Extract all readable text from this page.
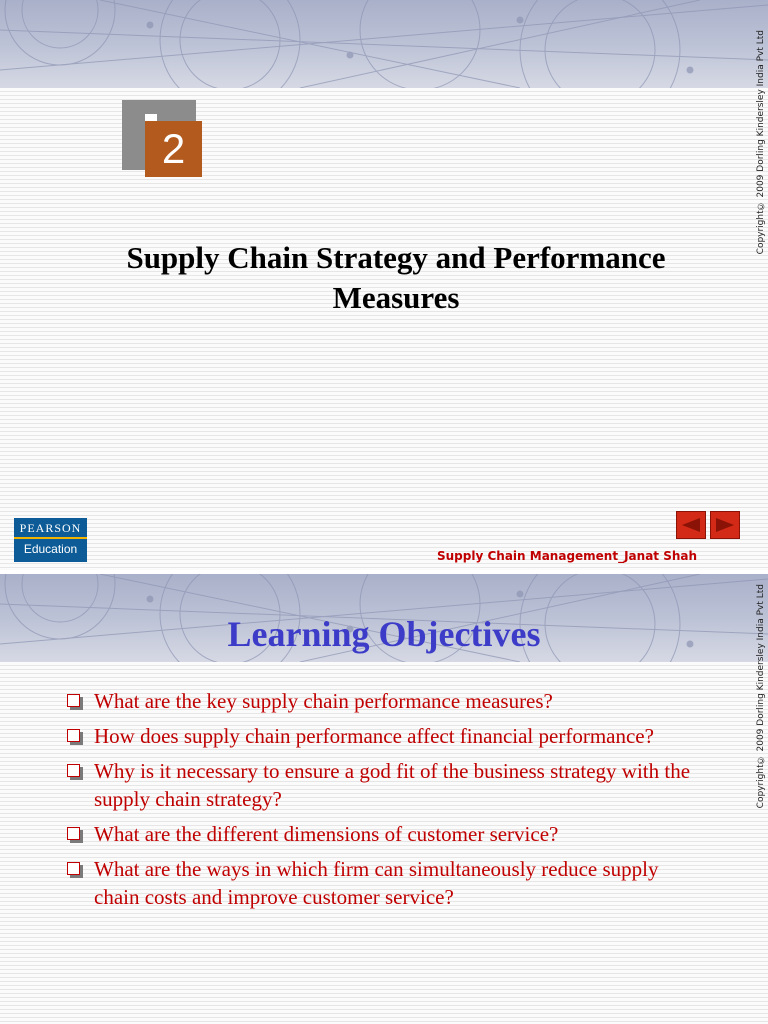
Copyright© 2009 Dorling Kindersley India Pvt Ltd
2
Supply Chain Strategy and Performance Measures
PEARSON
Education	Supply Chain Management_Janat Shah
Copyright© 2009 Dorling Kindersley India Pvt Ltd
Learning Objectives
What are the key supply chain performance measures?
How does supply chain performance affect financial performance?
Why is it necessary to ensure a god fit of the business strategy with the supply chain strategy?
What are the different dimensions of customer service?
What are the ways in which firm can simultaneously reduce supply chain costs and improve customer service?
